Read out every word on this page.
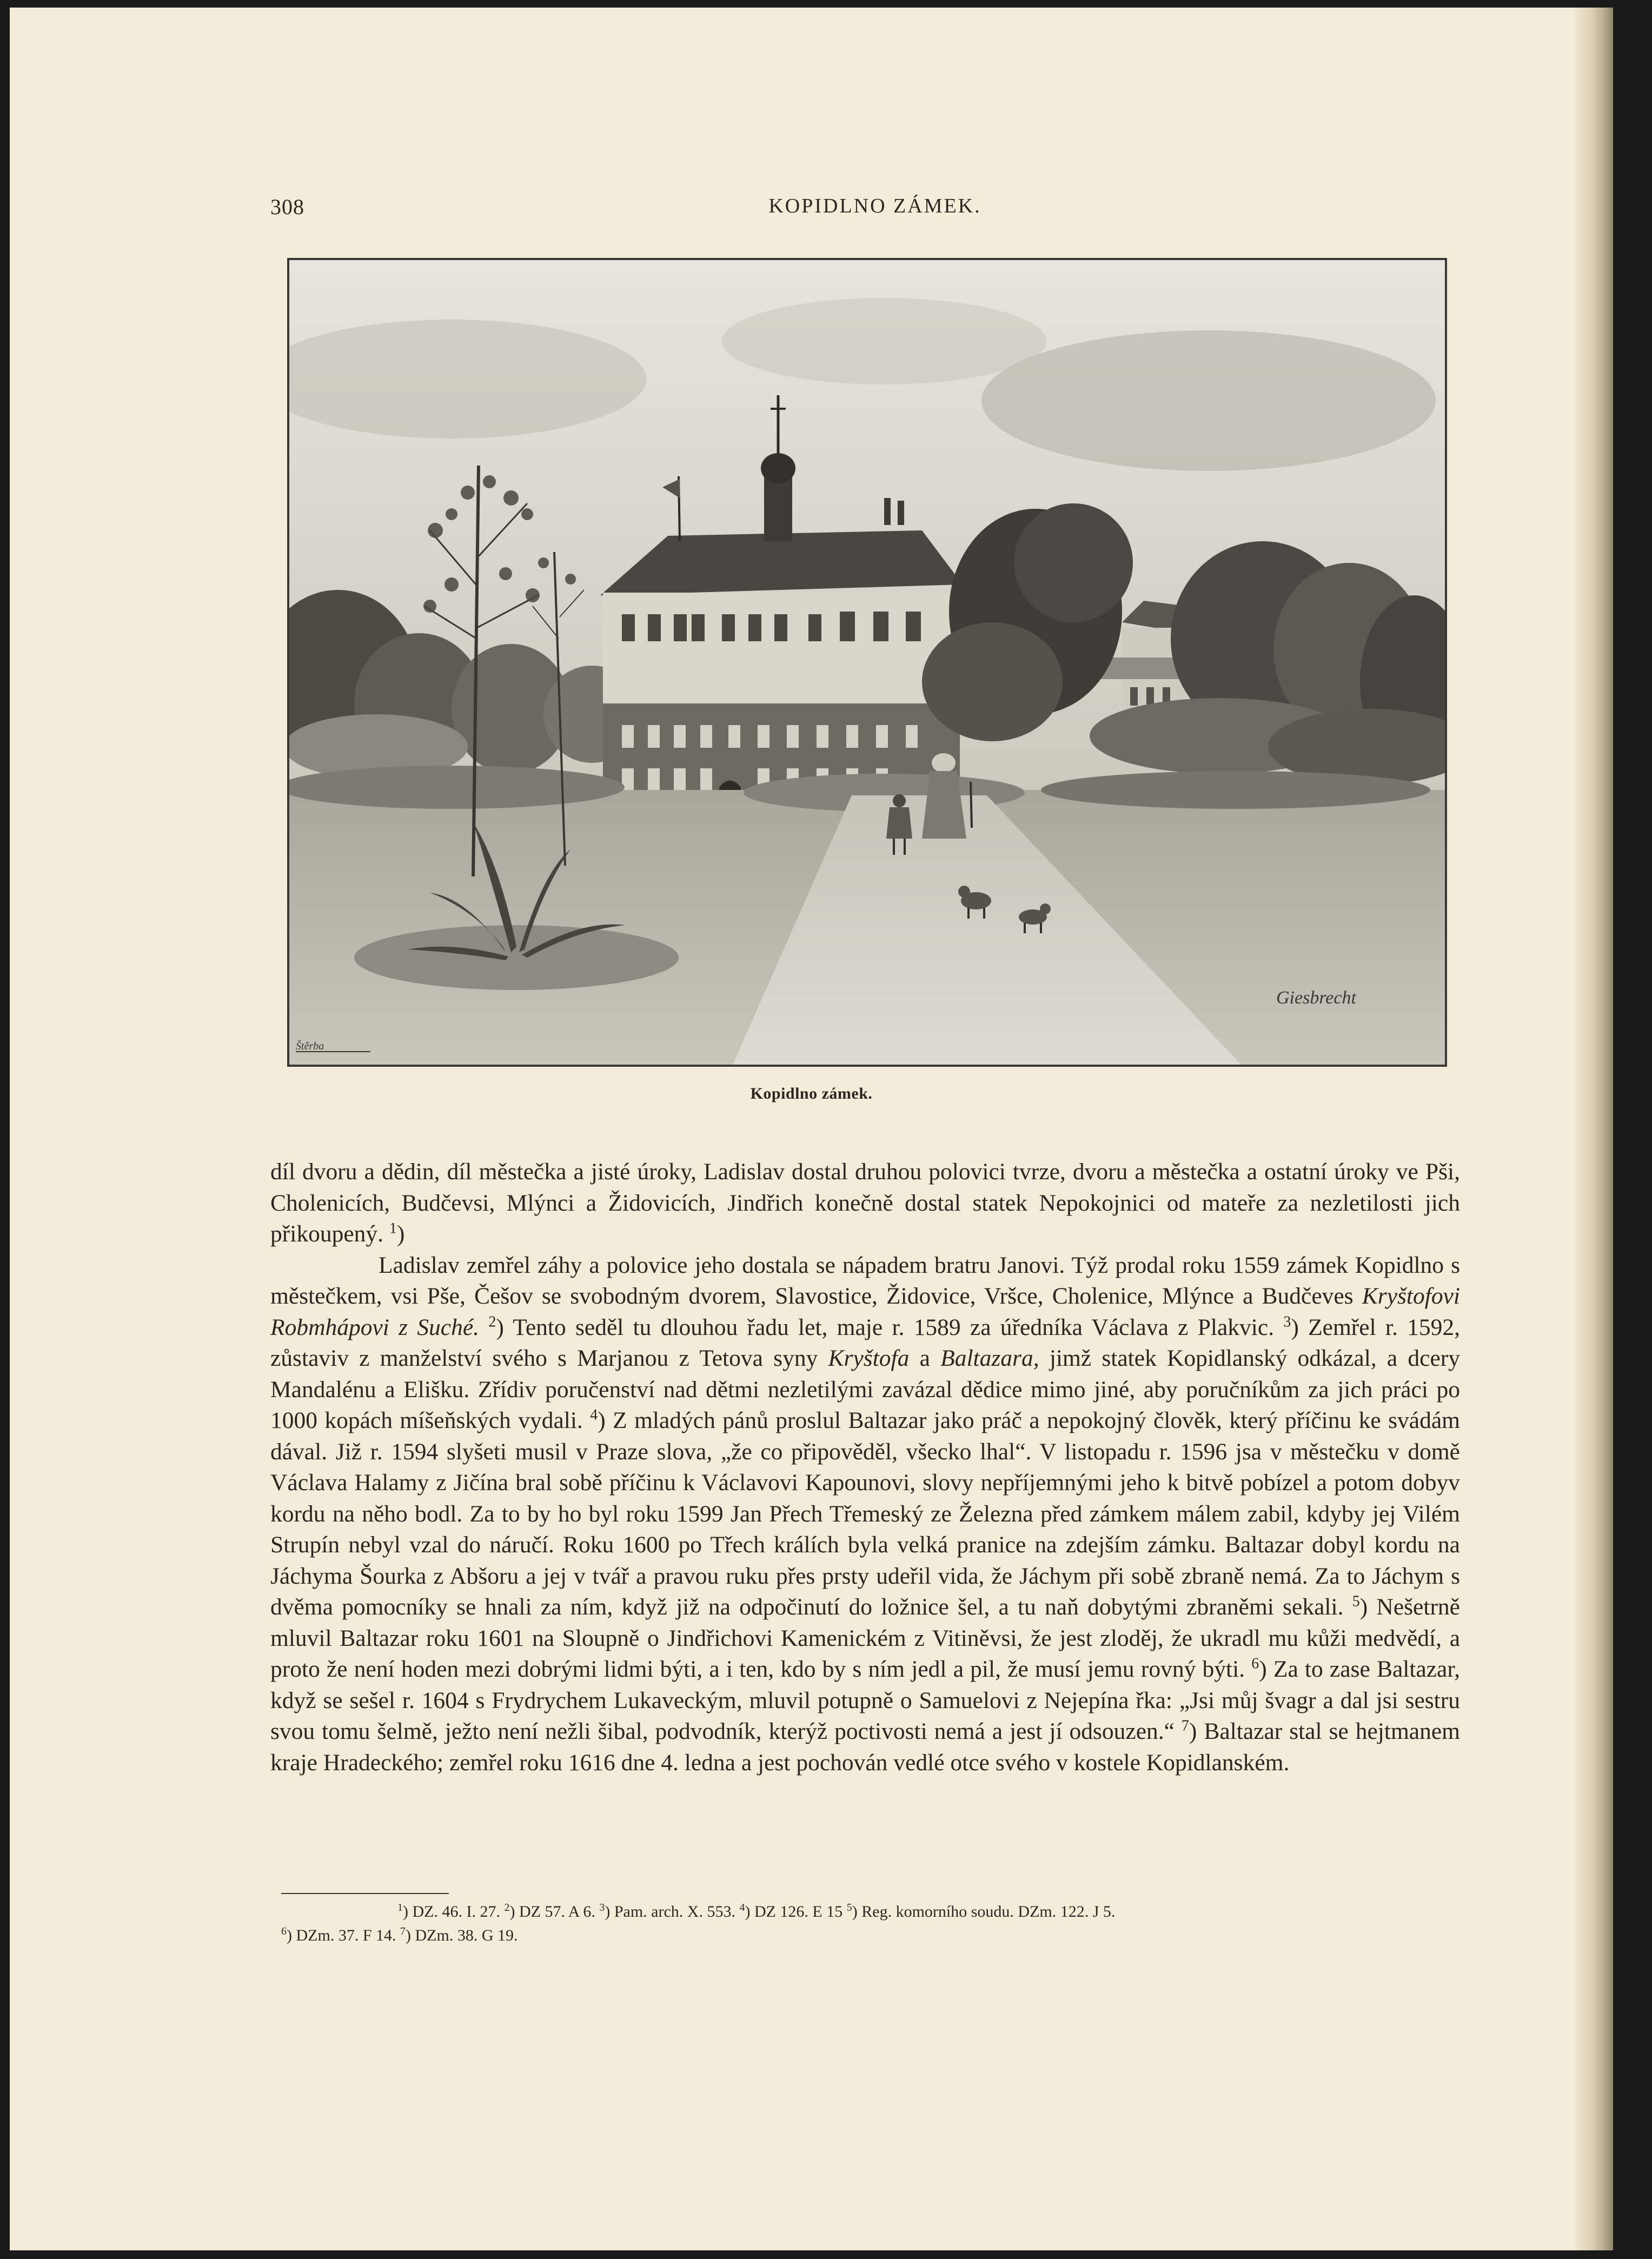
308	KOPIDLNO ZÁMEK.
Giesbrecht
Štěrba
Kopidlno zámek.

díl dvoru a dědin, díl městečka a jisté úroky, Ladislav dostal druhou polovici tvrze, dvoru a městečka a ostatní úroky ve Pši, Cholenicích, Budčevsi, Mlýnci a Židovicích, Jindřich konečně dostal statek Nepokojnici od mateře za nezletilosti jich přikoupený. $^1$)

Ladislav zemřel záhy a polovice jeho dostala se nápadem bratru Janovi. Týž prodal roku 1559 zámek Kopidlno s městečkem, vsi Pše, Češov se svobodným dvorem, Slavostice, Židovice, Vršce, Cholenice, Mlýnce a Budčeves Kryštofovi Robmhápovi z Suché. $^2$) Tento seděl tu dlouhou řadu let, maje r. 1589 za úředníka Václava z Plakvic. $^3$) Zemřel r. 1592, zůstaviv z manželství svého s Marjanou z Tetova syny Kryštofa a Baltazara, jimž statek Kopidlanský odkázal, a dcery Mandalénu a Elišku. Zřídiv poručenství nad dětmi nezletilými zavázal dědice mimo jiné, aby poručníkům za jich práci po 1000 kopách míšeňských vydali. $^4$) Z mladých pánů proslul Baltazar jako práč a nepokojný člověk, který příčinu ke svádám dával. Již r. 1594 slyšeti musil v Praze slova, „že co připověděl, všecko lhal“. V listopadu r. 1596 jsa v městečku v domě Václava Halamy z Jičína bral sobě příčinu k Václavovi Kapounovi, slovy nepříjemnými jeho k bitvě pobízel a potom dobyv kordu na něho bodl. Za to by ho byl roku 1599 Jan Přech Třemeský ze Železna před zámkem málem zabil, kdyby jej Vilém Strupín nebyl vzal do náručí. Roku 1600 po Třech králích byla velká pranice na zdejším zámku. Baltazar dobyl kordu na Jáchyma Šourka z Abšoru a jej v tvář a pravou ruku přes prsty udeřil vida, že Jáchym při sobě zbraně nemá. Za to Jáchym s dvěma pomocníky se hnali za ním, když již na odpočinutí do ložnice šel, a tu naň dobytými zbraněmi sekali. $^5$) Nešetrně mluvil Baltazar roku 1601 na Sloupně o Jindřichovi Kamenickém z Vitiněvsi, že jest zloděj, že ukradl mu kůži medvědí, a proto že není hoden mezi dobrými lidmi býti, a i ten, kdo by s ním jedl a pil, že musí jemu rovný býti. $^6$) Za to zase Baltazar, když se sešel r. 1604 s Frydrychem Lukaveckým, mluvil potupně o Samuelovi z Nejepína řka: „Jsi můj švagr a dal jsi sestru svou tomu šelmě, ježto není nežli šibal, podvodník, kterýž poctivosti nemá a jest jí odsouzen.“ $^7$) Baltazar stal se hejtmanem kraje Hradeckého; zemřel roku 1616 dne 4. ledna a jest pochován vedlé otce svého v kostele Kopidlanském.

$^1$) DZ. 46. I. 27. $^2$) DZ 57. A 6. $^3$) Pam. arch. X. 553. $^4$) DZ 126. E 15 $^5$) Reg. komorního soudu. DZm. 122. J 5.

$^6$) DZm. 37. F 14. $^7$) DZm. 38. G 19.
